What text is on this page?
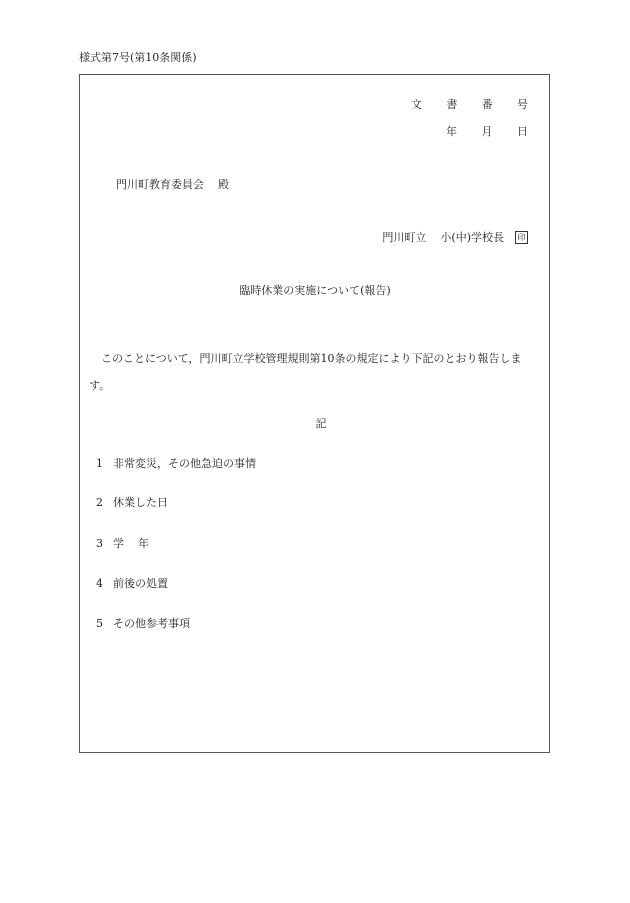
様式第7号(第10条関係)
文 書 番 号
年 月 日
門川町教育委員会 殿
門川町立 小(中)学校長 印
臨時休業の実施について(報告)
このことについて，門川町立学校管理規則第10条の規定により下記のとおり報告します。
記
1 非常変災，その他急迫の事情
2 休業した日
3 学 年
4 前後の処置
5 その他参考事項
